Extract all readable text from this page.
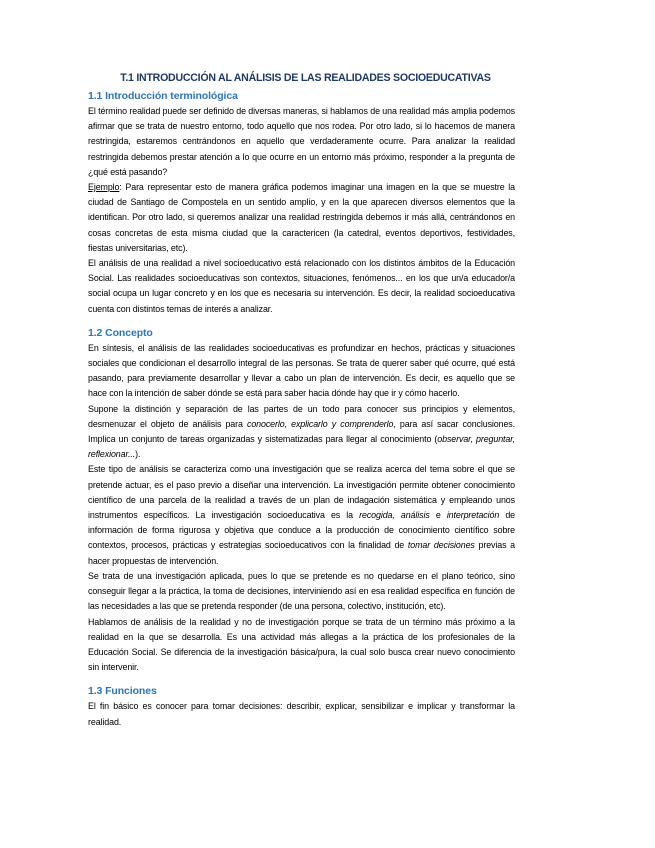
T.1 INTRODUCCIÓN AL ANÁLISIS DE LAS REALIDADES SOCIOEDUCATIVAS
1.1 Introducción terminológica

El término realidad puede ser definido de diversas maneras, si hablamos de una realidad más amplia podemos afirmar que se trata de nuestro entorno, todo aquello que nos rodea. Por otro lado, si lo hacemos de manera restringida, estaremos centrándonos en aquello que verdaderamente ocurre. Para analizar la realidad restringida debemos prestar atención a lo que ocurre en un entorno más próximo, responder a la pregunta de ¿qué está pasando?

Ejemplo: Para representar esto de manera gráfica podemos imaginar una imagen en la que se muestre la ciudad de Santiago de Compostela en un sentido amplio, y en la que aparecen diversos elementos que la identifican. Por otro lado, si queremos analizar una realidad restringida debemos ir más allá, centrándonos en cosas concretas de esta misma ciudad que la caractericen (la catedral, eventos deportivos, festividades, fiestas universitarias, etc).

El análisis de una realidad a nivel socioeducativo está relacionado con los distintos ámbitos de la Educación Social. Las realidades socioeducativas son contextos, situaciones, fenómenos... en los que un/a educador/a social ocupa un lugar concreto y en los que es necesaria su intervención. Es decir, la realidad socioeducativa cuenta con distintos temas de interés a analizar.

1.2 Concepto

En síntesis, el análisis de las realidades socioeducativas es profundizar en hechos, prácticas y situaciones sociales que condicionan el desarrollo integral de las personas. Se trata de querer saber qué ocurre, qué está pasando, para previamente desarrollar y llevar a cabo un plan de intervención. Es decir, es aquello que se hace con la intención de saber dónde se está para saber hacia dónde hay que ir y cómo hacerlo.

Supone la distinción y separación de las partes de un todo para conocer sus principios y elementos, desmenuzar el objeto de análisis para conocerlo, explicarlo y comprenderlo, para así sacar conclusiones. Implica un conjunto de tareas organizadas y sistematizadas para llegar al conocimiento (observar, preguntar, reflexionar...).

Este tipo de análisis se caracteriza como una investigación que se realiza acerca del tema sobre el que se pretende actuar, es el paso previo a diseñar una intervención. La investigación permite obtener conocimiento científico de una parcela de la realidad a través de un plan de indagación sistemática y empleando unos instrumentos específicos. La investigación socioeducativa es la recogida, análisis e interpretación de información de forma rigurosa y objetiva que conduce a la producción de conocimiento científico sobre contextos, procesos, prácticas y estrategias socioeducativos con la finalidad de tomar decisiones previas a hacer propuestas de intervención.

Se trata de una investigación aplicada, pues lo que se pretende es no quedarse en el plano teórico, sino conseguir llegar a la práctica, la toma de decisiones, interviniendo así en esa realidad específica en función de las necesidades a las que se pretenda responder (de una persona, colectivo, institución, etc).

Hablamos de análisis de la realidad y no de investigación porque se trata de un término más próximo a la realidad en la que se desarrolla. Es una actividad más allegas a la práctica de los profesionales de la Educación Social. Se diferencia de la investigación básica/pura, la cual solo busca crear nuevo conocimiento sin intervenir.

1.3 Funciones

El fin básico es conocer para tomar decisiones: describir, explicar, sensibilizar e implicar y transformar la realidad.
